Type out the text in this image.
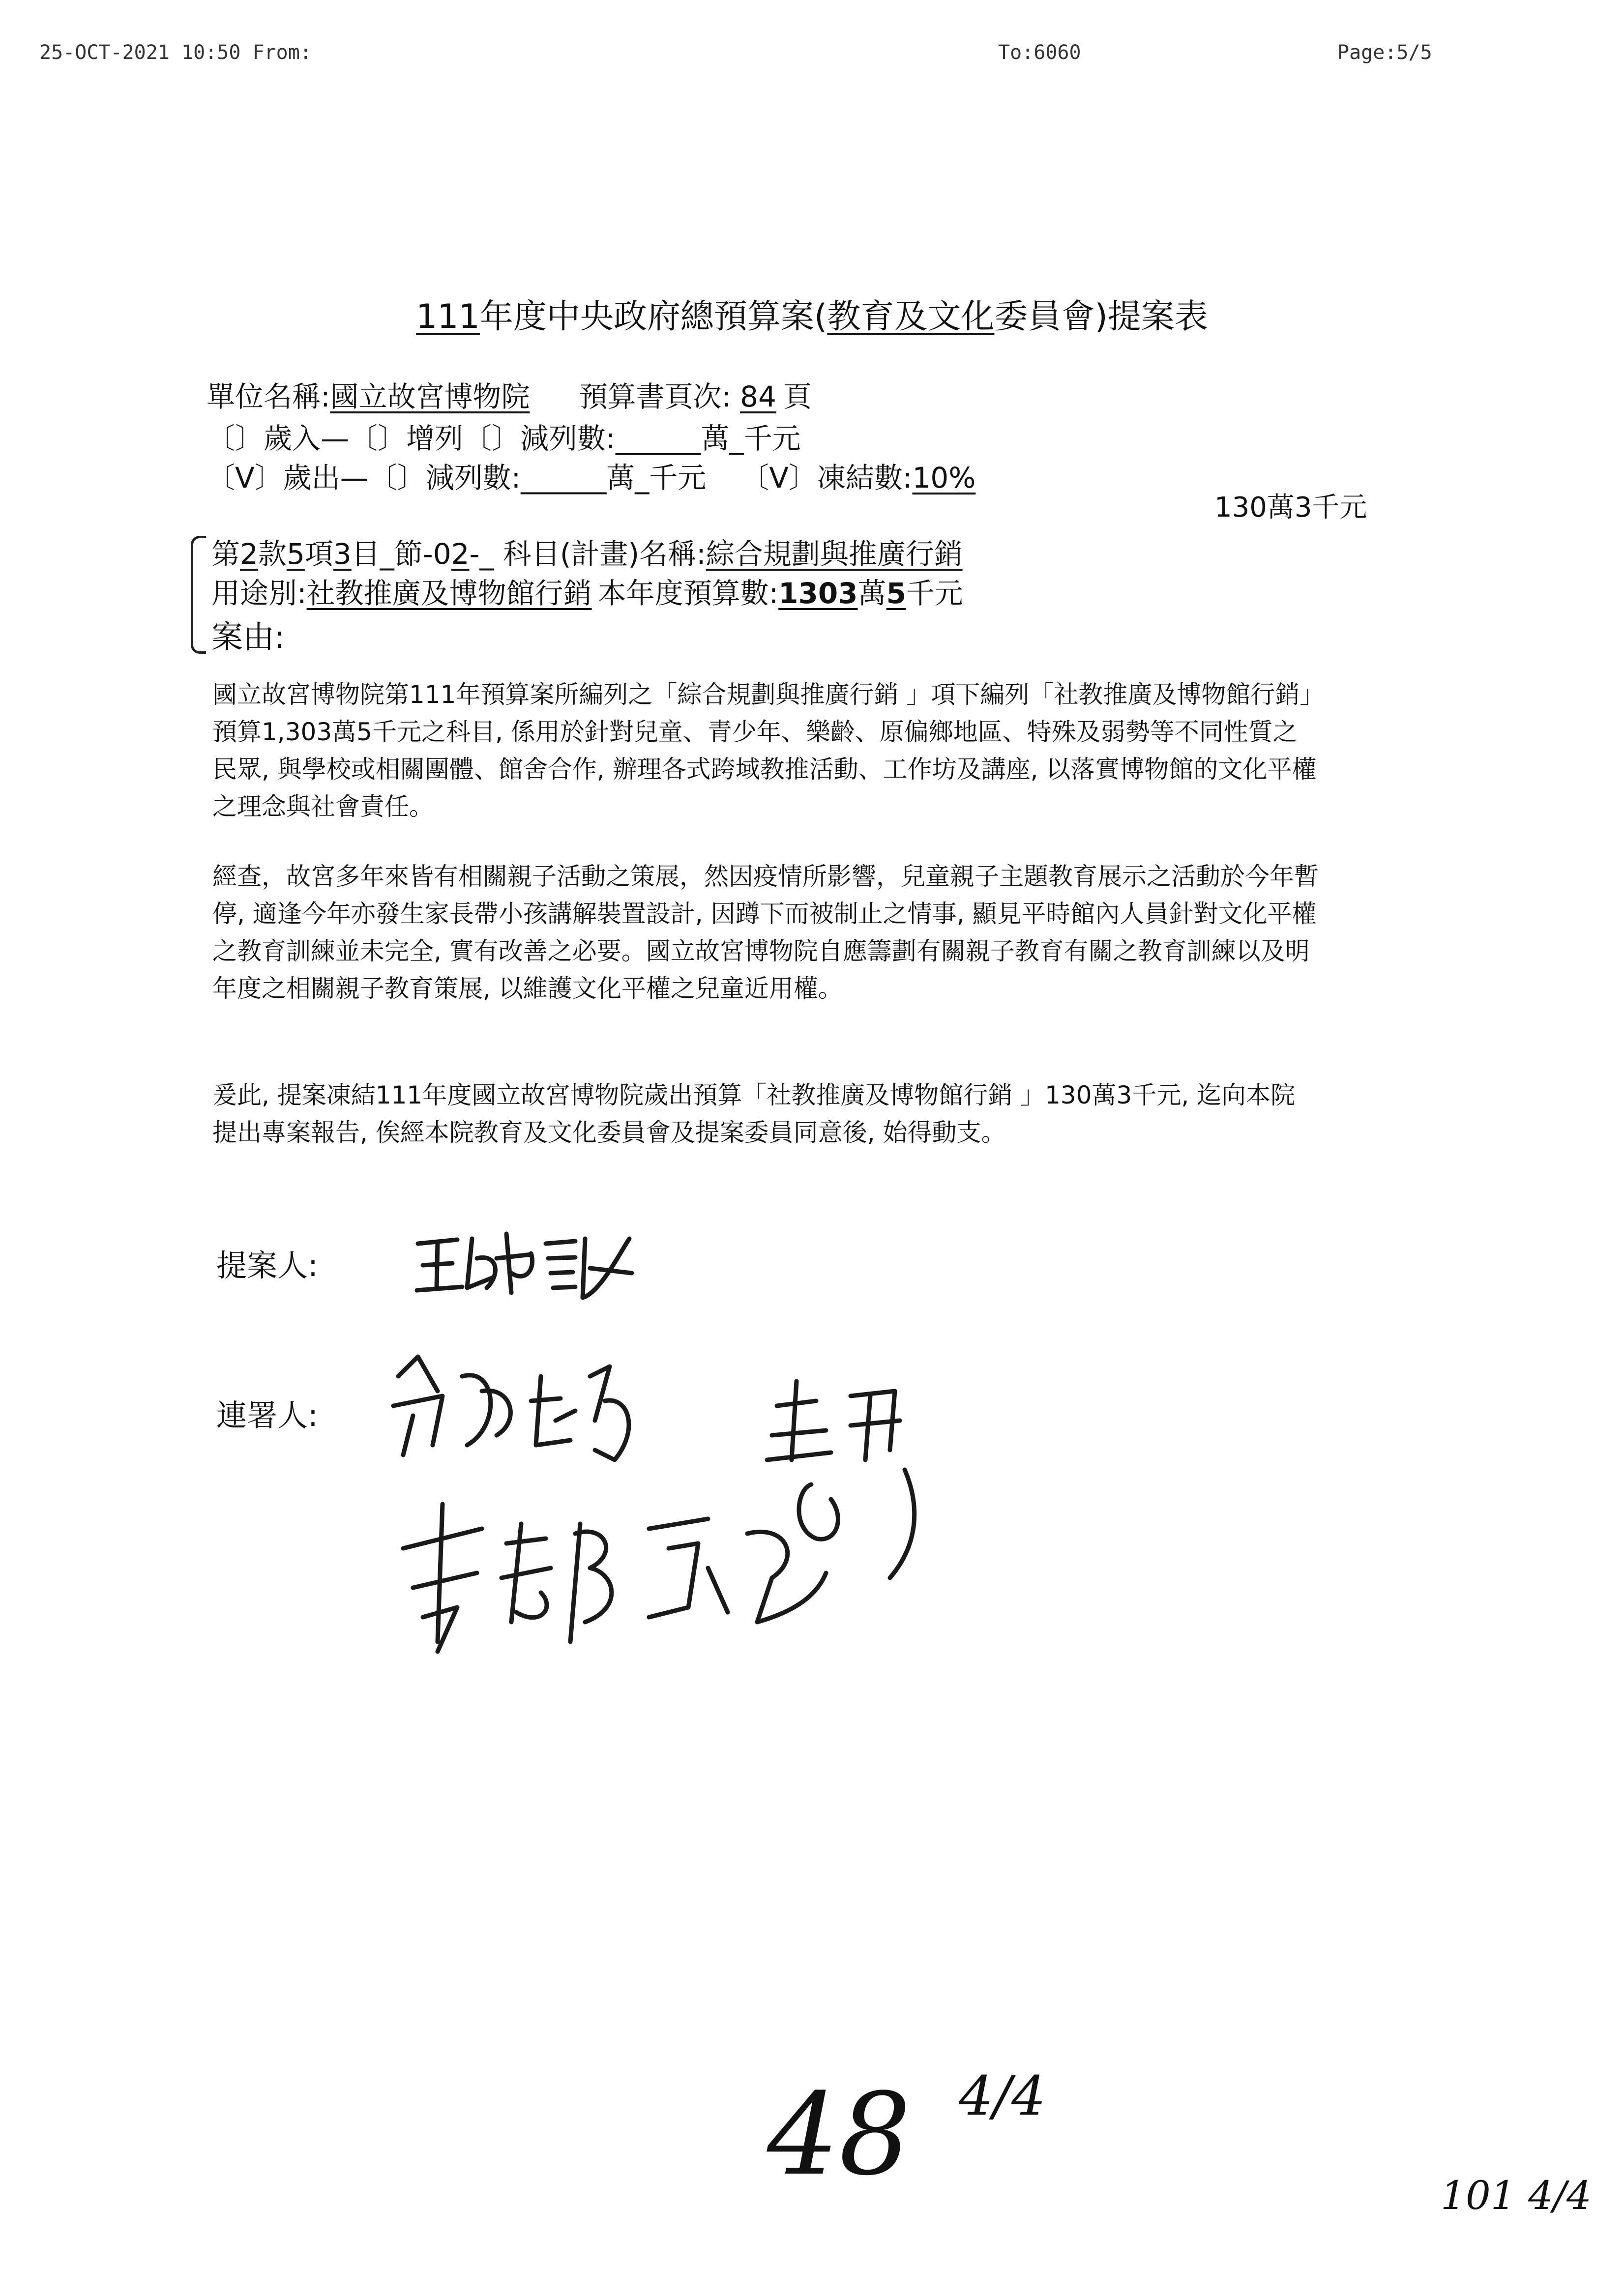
25-OCT-2021 10:50 From:	To:6060	Page:5/5
111年度中央政府總預算案(教育及文化委員會)提案表
單位名稱:國立故宮博物院 預算書頁次: 84 頁
〔〕歲入—〔〕增列〔〕減列數:　　　	萬_千元
〔V〕歲出—〔〕減列數:______萬_千元 〔V〕凍結數:10%
130萬3千元
第2款5項3目_節-02-_ 科目(計畫)名稱:綜合規劃與推廣行銷
用途別:社教推廣及博物館行銷 本年度預算數:1303萬5千元
案由:

國立故宮博物院第111年預算案所編列之「綜合規劃與推廣行銷 」項下編列「社教推廣及博物館行銷」預算1,303萬5千元之科目, 係用於針對兒童、青少年、樂齡、原偏鄉地區、特殊及弱勢等不同性質之民眾, 與學校或相關團體、館舍合作, 辦理各式跨域教推活動、工作坊及講座, 以落實博物館的文化平權之理念與社會責任。

經查，故宮多年來皆有相關親子活動之策展，然因疫情所影響，兒童親子主題教育展示之活動於今年暫停, 適逢今年亦發生家長帶小孩講解裝置設計, 因蹲下而被制止之情事, 顯見平時館內人員針對文化平權之教育訓練並未完全, 實有改善之必要。國立故宮博物院自應籌劃有關親子教育有關之教育訓練以及明年度之相關親子教育策展, 以維護文化平權之兒童近用權。

爰此, 提案凍結111年度國立故宮博物院歲出預算「社教推廣及博物館行銷 」130萬3千元, 迄向本院提出專案報告, 俟經本院教育及文化委員會及提案委員同意後, 始得動支。

提案人:
連署人:
48 4/4
101 4/4
